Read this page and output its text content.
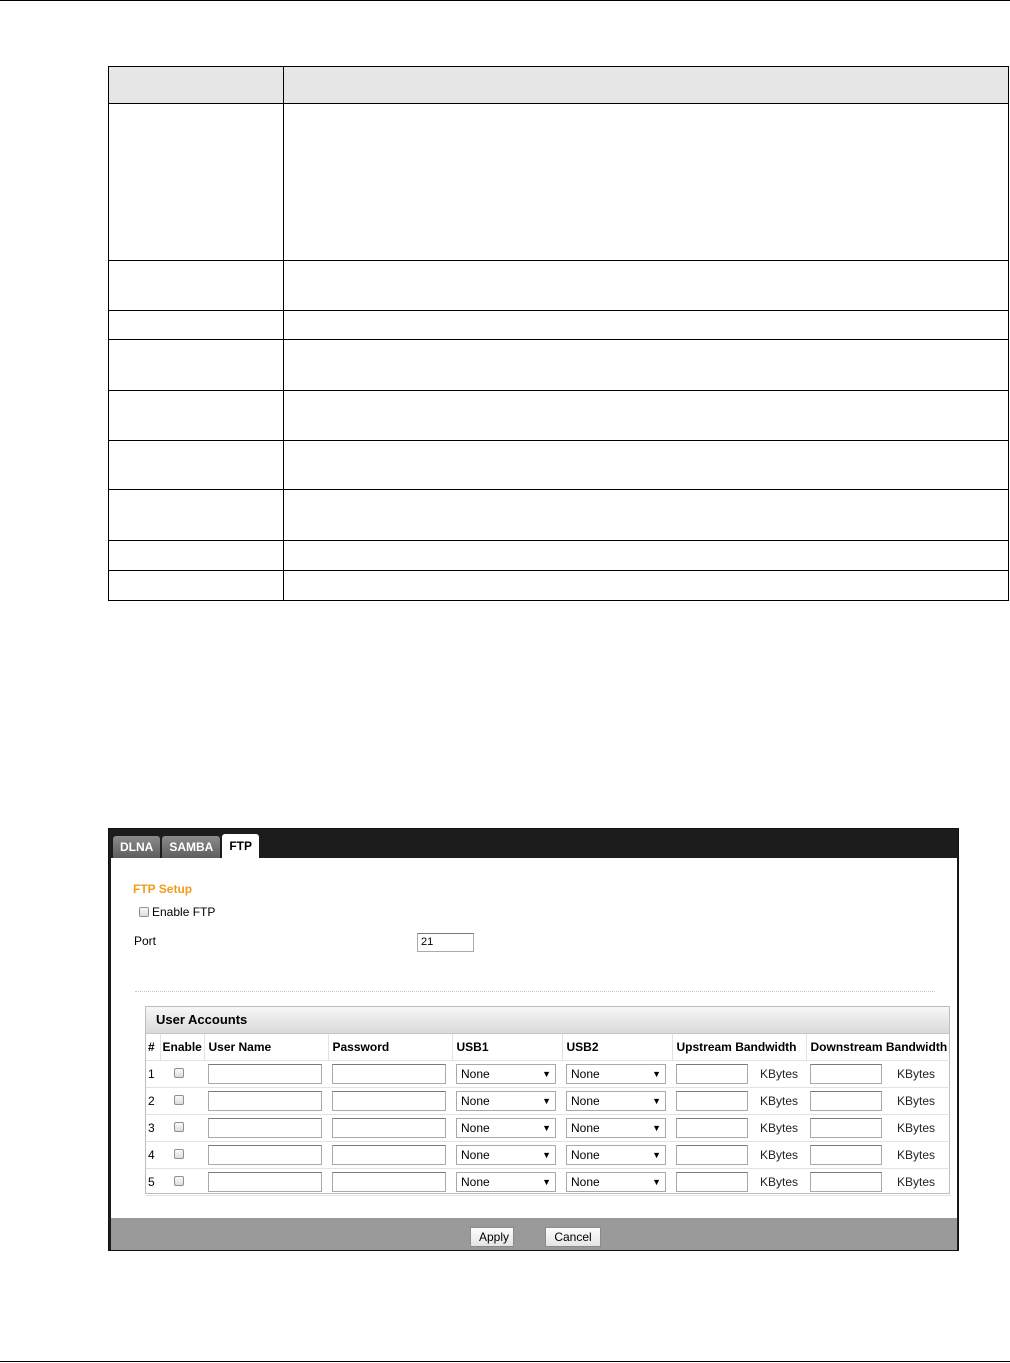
DLNA	SAMBA	FTP
FTP Setup
Enable FTP
Port	21
User Accounts
#	Enable	User Name	Password	USB1	USB2	Upstream Bandwidth	Downstream Bandwidth
1				None ▼	None ▼	KBytes	KBytes
2				None ▼	None ▼	KBytes	KBytes
3				None ▼	None ▼	KBytes	KBytes
4				None ▼	None ▼	KBytes	KBytes
5				None ▼	None ▼	KBytes	KBytes
Apply	Cancel
